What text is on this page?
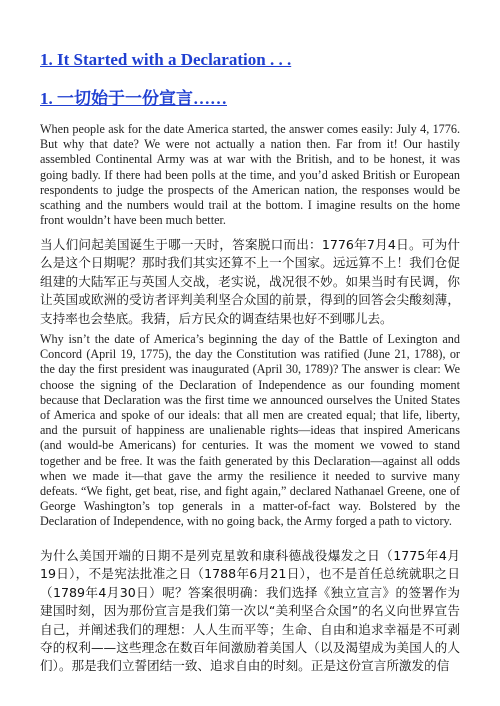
1. It Started with a Declaration . . .
1. 一切始于一份宣言……

When people ask for the date America started, the answer comes easily: July 4, 1776. But why that date? We were not actually a nation then. Far from it! Our hastily assembled Continental Army was at war with the British, and to be honest, it was going badly. If there had been polls at the time, and you’d asked British or European respondents to judge the prospects of the American nation, the responses would be scathing and the numbers would trail at the bottom. I imagine results on the home front wouldn’t have been much better.

当人们问起美国诞生于哪一天时，答案脱口而出：1776年7月4日。可为什么是这个日期呢？那时我们其实还算不上一个国家。远远算不上！我们仓促组建的大陆军正与英国人交战，老实说，战况很不妙。如果当时有民调，你让英国或欧洲的受访者评判美利坚合众国的前景，得到的回答会尖酸刻薄，支持率也会垫底。我猜，后方民众的调查结果也好不到哪儿去。

Why isn’t the date of America’s beginning the day of the Battle of Lexington and Concord (April 19, 1775), the day the Constitution was ratified (June 21, 1788), or the day the first president was inaugurated (April 30, 1789)? The answer is clear: We choose the signing of the Declaration of Independence as our founding moment because that Declaration was the first time we announced ourselves the United States of America and spoke of our ideals: that all men are created equal; that life, liberty, and the pursuit of happiness are unalienable rights—ideas that inspired Americans (and would-be Americans) for centuries. It was the moment we vowed to stand together and be free. It was the faith generated by this Declaration—against all odds when we made it—that gave the army the resilience it needed to survive many defeats. “We fight, get beat, rise, and fight again,” declared Nathanael Greene, one of George Washington’s top generals in a matter-of-fact way. Bolstered by the Declaration of Independence, with no going back, the Army forged a path to victory.

为什么美国开端的日期不是列克星敦和康科德战役爆发之日（1775年4月19日），不是宪法批准之日（1788年6月21日），也不是首任总统就职之日（1789年4月30日）呢？答案很明确：我们选择《独立宣言》的签署作为建国时刻，因为那份宣言是我们第一次以“美利坚合众国”的名义向世界宣告自己，并阐述我们的理想：人人生而平等；生命、自由和追求幸福是不可剥夺的权利——这些理念在数百年间激励着美国人（以及渴望成为美国人的人们）。那是我们立誓团结一致、追求自由的时刻。正是这份宣言所激发的信
